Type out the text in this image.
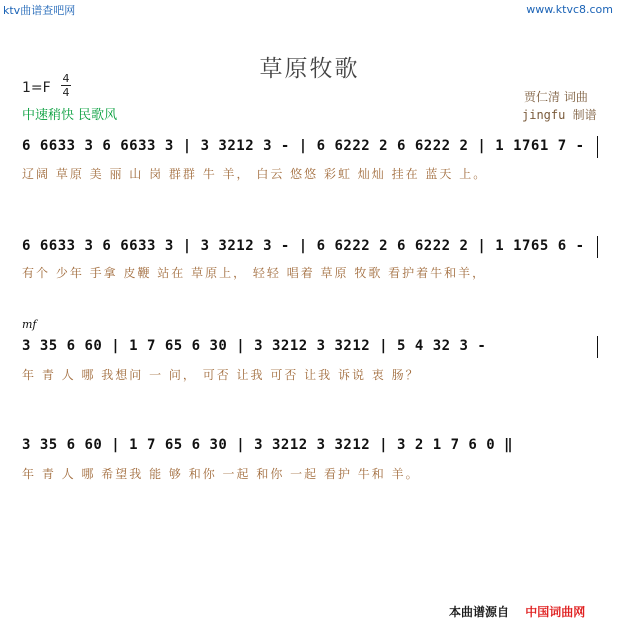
ktv曲谱查吧网	www.ktvc8.com
草原牧歌
1=F
4
4
中速稍快 民歌风
贾仁清 词曲
jingfu 制谱
6 6633 3 6 6633 3 | 3 3212 3 - | 6 6222 2 6 6222 2 | 1 1761 7 -
辽阔 草原 美 丽 山 岗 群群 牛 羊， 白云 悠悠 彩虹 灿灿 挂在 蓝天 上。
6 6633 3 6 6633 3 | 3 3212 3 - | 6 6222 2 6 6222 2 | 1 1765 6 -
有个 少年 手拿 皮鞭 站在 草原上， 轻轻 唱着 草原 牧歌 看护着牛和羊，
mf
3 35 6 60 | 1 7 65 6 30 | 3 3212 3 3212 | 5 4 32 3 -
年 青 人 哪 我想问 一 问， 可否 让我 可否 让我 诉说 衷 肠？
3 35 6 60 | 1 7 65 6 30 | 3 3212 3 3212 | 3 2 1 7 6 0 ‖
年 青 人 哪 希望我 能 够 和你 一起 和你 一起 看护 牛和 羊。
本曲谱源自 中国词曲网
